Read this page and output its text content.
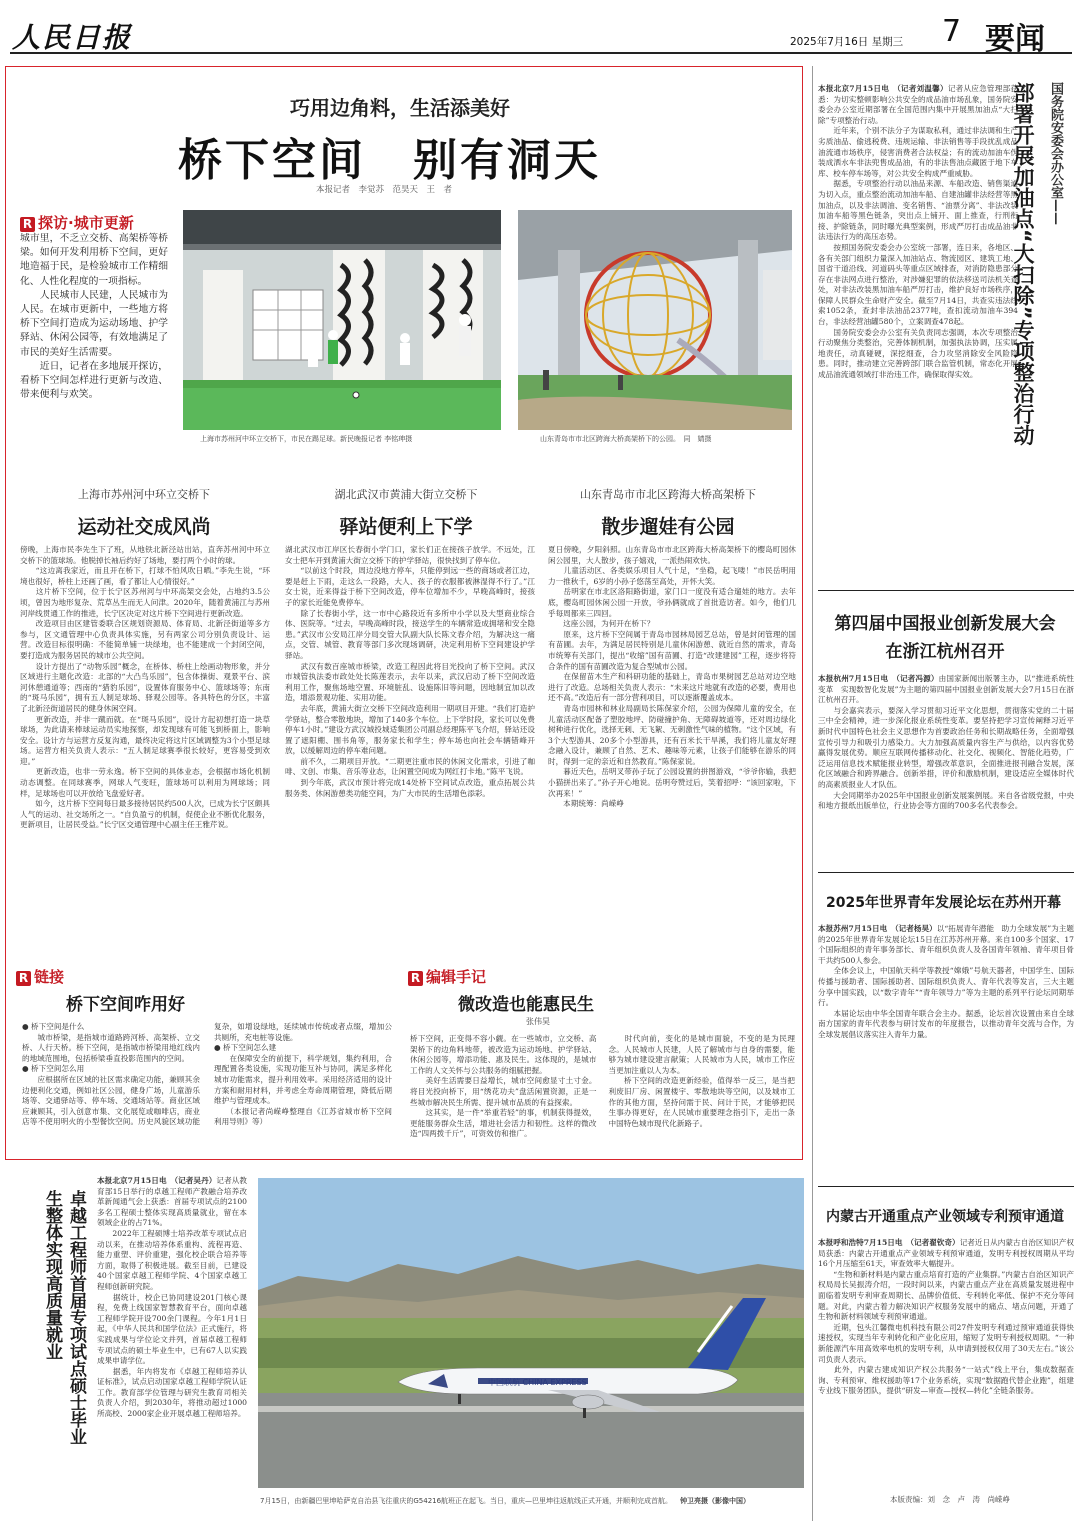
人民日报	2025年7月16日 星期三 7 要闻
巧用边角料，生活添美好
桥下空间　别有洞天
本报记者　李觉苏　范昊天　王　者
R 探访·城市更新
城市里，不乏立交桥、高架桥等桥梁。如何开发利用桥下空间，更好地造福于民，是检验城市工作精细化、人性化程度的一项指标。
　　人民城市人民建，人民城市为人民。在城市更新中，一些地方将桥下空间打造成为运动场地、护学驿站、休闲公园等，有效地满足了市民的美好生活需要。
　　近日，记者在多地展开探访，看桥下空间怎样进行更新与改造、带来便利与欢笑。
上海市苏州河中环立交桥下，市民在踢足球。新民晚报记者 李铭珅摄	山东青岛市市北区跨海大桥高架桥下的公园。　同　婧摄
上海市苏州河中环立交桥下
运动社交成风尚
湖北武汉市黄浦大街立交桥下
驿站便利上下学
山东青岛市市北区跨海大桥高架桥下
散步遛娃有公园
傍晚，上海市民李先生下了班，从地铁北新泾站出站，直奔苏州河中环立交桥下的篮球场。他脱掉长袖后约好了场地，要打两个小时的球。
　　“这边离我家近，而且开在桥下，打球不怕风吹日晒。”李先生说，“环境也很好，桥柱上还画了画，看了都让人心情很好。”
　　这片桥下空间，位于长宁区苏州河与中环高架交会处，占地约3.5公顷，曾因为地形复杂、荒草丛生而无人问津。2020年，随着黄浦江与苏州河岸线贯通工作的推进，长宁区决定对这片桥下空间进行更新改造。
　　改造项目由区建管委联合区规划资源局、体育局、北新泾街道等多方参与，区文通管理中心负责具体实施，另有两家公司分别负责设计、运营。改造目标很明确：不能简单铺一块绿地，也不能建成一个封闭空间，要打造成为服务居民的城市公共空间。
　　设计方提出了“动物乐园”概念，在桥体、桥柱上绘画动物形象，并分区域进行主题化改造：北部的“大凸鸟乐园”，包含体操街、观景平台、滨河休憩通道等；西南的“猎豹乐园”，设置体育服务中心、篮球场等；东南的“斑马乐园”，拥有五人制足球场、驿观公园等。各具特色的分区，丰富了北新泾街道居民的健身休闲空间。
　　更新改造，并非一蹴而就。在“斑马乐园”，设计方起初想打造一块草球场，为此请来棒球运动员实地探察，却发现球有可能飞到桥面上，影响安全。设计方与运营方反复沟通，最终决定将这片区域调整为3个小型足球场。运营方相关负责人表示：“五人制足球赛季很长较好，更容易受到欢迎。”
　　更新改造，也非一劳永逸。桥下空间的具体业态，会根据市场化机制动态调整。在同球赛季，网球人气变旺，篮球场可以利用为网球场；同样，足球场也可以开放给飞盘爱好者。
　　如今，这片桥下空间每日最多接待居民约500人次，已成为长宁区颇具人气的运动、社交场所之一。“自负盈亏的机制，促使企业不断优化服务，更新项目，让居民受益。”长宁区交通管理中心副主任王雅芹说。
湖北武汉市江岸区长春街小学门口，家长们正在接孩子放学。不远处，江女士把车开到黄浦大街立交桥下的护学驿站，很快找到了停车位。
　　“以前这个时段，周边没地方停车，只能停到远一些的商场或者江边，要是赶上下雨，走这么一段路，大人、孩子的衣服都被淋湿得不行了。”江女士说，近来得益于桥下空间改造，停车位增加不少，早晚高峰时，接孩子的家长近能免费停车。
　　除了长春街小学，这一市中心路段近有多所中小学以及大型商业综合体、医院等。“过去，早晚高峰时段，接送学生的车辆常造成拥堵和安全隐患。”武汉市公安局江岸分局交管大队副大队长陈文春介绍，为解决这一痛点，交管、城管、教育等部门多次现场调研，决定利用桥下空间建设护学驿站。
　　武汉有数百座城市桥梁，改造工程因此将目光投向了桥下空间。武汉市城管执法委市政处处长陈莲表示，去年以来，武汉启动了桥下空间改造利用工作，聚焦场地空置、环境脏乱、设施陈旧等问题，因地制宜加以改造，增添景观功能、实用功能。
　　去年底，黄浦大街立交桥下空间改造利用一期项目开建。“我们打造护学驿站，整合零散地块，增加了140多个车位。上下学时段，家长可以免费停车1小时。”建设方武汉城投城适集团公司副总经理陈平飞介绍，驿站还设置了遮阳棚、围书角等，服务家长和学生；停车场也向社会车辆错峰开放，以缓解周边的停车难问题。
　　前不久，二期项目开放。“二期更注重市民的休闲文化需求，引进了咖啡、文创、市集、音乐等业态，让闲置空间成为网红打卡地。”陈平飞说。
　　到今年底，武汉市预计将完成14处桥下空间试点改造，重点拓展公共服务类、休闲游憩类功能空间，为广大市民的生活增色添彩。
夏日傍晚，夕阳斜照。山东青岛市市北区跨海大桥高架桥下的樱岛町园休闲公园里，大人散步，孩子嬉戏，一派热闹欢快。
　　儿童活动区、各类娱乐项目人气十足，“坐稳，起飞喽！”市民岳明用力一推秋千，6岁的小孙子悠荡至高处，开怀大笑。
　　岳明家在市北区洛阳路街道，家门口一度没有适合遛娃的地方。去年底，樱岛町园休闲公园一开放，爷孙俩就成了首批造访者。如今，他们几乎每周都来三四回。
　　这座公园，为何开在桥下？
　　原来，这片桥下空间属于青岛市园林局园艺总站，曾是封闭管理的国有苗圃。去年，为满足居民特别是儿童休闲游憩、就近自然的需求，青岛市统筹有关部门，提出“收缩”国有苗圃、打造“改建建园”工程，逐步将符合条件的国有苗圃改造为复合型城市公园。
　　在保留苗木生产和科研功能的基础上，青岛市果树园艺总站对边空地进行了改造。总场相关负责人表示：“未来这片地就有改造的必要，费用也还不高。”改造后有一部分营利项目，可以逐渐覆盖成本。
　　青岛市园林和林业局副局长陈保家介绍，公园为保障儿童的安全，在儿童活动区配备了塑胶地坪、防碰撞护角、无障碍坡道等，还对周边绿化树种进行优化，选择无刺、无飞絮、无刺激性气味的植物。“这个区域，有3个大型游具、20多个小型游具，还有百米长干旱溪，我们将儿童友好理念融入设计，兼顾了自然、艺术、趣味等元素，让孩子们能够在游乐的同时，得到一定的亲近和自然教育。”陈保家说。
　　暮近天色，岳明叉带孙子玩了公园设置的拼图游戏，“爷爷你输，我把小猫拼出来了。”孙子开心地说。岳明夸赞过后，笑着招呼：“该回家啦，下次再来！”
　　本期统筹：尚嵘峥
R 链接
桥下空间咋用好
● 桥下空间是什么
　　城市桥梁，是指城市道路跨河桥、高架桥、立交桥、人行天桥。桥下空间，是指城市桥梁用地红线内的地域范围地，包括桥梁垂直投影范围内的空间。
● 桥下空间怎么用
　　应根据所在区域的社区需求确定功能，兼顾其余边便利化交通，例如社区公园，健身广场，儿童游乐场等、交通驿站等、停车场、交通场站等。商业区域应兼顾其，引入创意市集、文化展览或咖啡店，商业店等不使用明火的小型餐饮空间。历史风貌区域功能复杂，如增设绿地，延续城市传统或者点缀，增加公共厕所，充电桩等设施。
● 桥下空间怎么建
　　在保障安全的前提下，科学规划，集约利用，合理配置各类设施，实现功能互补与协同，满足多样化城市功能需求，提升利用效率。采用经济适用的设计方案和耐用材料，并考虑全寿命周期管理，降低后期维护与管理成本。
　　（本报记者尚嵘峥整理自《江苏省城市桥下空间利用导则》等）
R 编辑手记
微改造也能惠民生
张伟昊
桥下空间，正变得不容小觑。在一些城市，立交桥、高架桥下的边角料地带，被改造为运动场地、护学驿站、休闲公园等，增添功能、惠及民生。这体现的，是城市工作的人文关怀与公共服务的细腻把握。
　　美好生活需要日益增长，城市空间愈显寸土寸金。将目光投向桥下，用“绣花功夫”盘活闲置资源，正是一些城市解决民生所需、提升城市品质的有益探索。
　　这其实，是一件“举重若轻”的事，机制获得提效，更能服务群众生活，增进社会活力和韧性。这样的微改造“四两拨千斤”，可资效仿和推广。
　　时代向前，变化的是城市面貌，不变的是为民理念。人民城市人民建，人民了解城市与自身的需要，能够为城市建设建言献策；人民城市为人民，城市工作应当更加注重以人为本。
　　桥下空间的改造更新经验，值得举一反三，是当把利废旧厂房、闲置楼宇、零散地块等空间，以及城市工作的其他方面，坚持问需于民、问计于民，才能够把民生事办得更好，在人民城市重要理念指引下，走出一条中国特色城市现代化新路子。
本报北京7月15日电　（记者刘温馨）记者从应急管理部获悉：为切实整顿影响公共安全的成品油市场乱象，国务院安委会办公室近期部署在全国范围内集中开展黑加油点“大扫除”专项整治行动。
　　近年来，个别不法分子为谋取私利，通过非法调和生产劣质油品、偷逃税费、违规运输、非法销售等手段扰乱成品油流通市场秩序，侵害消费者合法权益；有的流动加油车伪装成洒水车非法兜售成品油，有的非法售油点藏匿于地下车库、校车停车场等，对公共安全构成严重威胁。
　　据悉，专项整治行动以油品来源、车船改造、销售渠道为切入点，重点整治流动加油车船、自建油罐非法经营等黑加油点，以及非法调油、变名销售、“油票分离”、非法改装加油车船等黑色链条，突出点上铺开、面上推查，行刑衔接、护除链条，同时曝光典型案例，形成严厉打击成品油非法违法行为的高压态势。
　　按照国务院安委会办公室统一部署，连日来，各地区、各有关部门组织力量深入加油站点、物流园区、建筑工地、国省干道沿线、河道码头等重点区域排查，对消防隐患部分存在非法网点进行整治，对涉嫌犯罪的依法移送司法机关查处，对非法改装黑加油车船严厉打击，维护良好市场秩序，保障人民群众生命财产安全。截至7月14日，共查实违法线索1052条，查封非法油品2377吨，查扣流动加油车394台，非法经营油罐580个，立案调查478起。
　　国务院安委会办公室有关负责同志强调，本次专项整治行动聚焦分类整治，完善体制机制，加强执法协调，压实属地责任，动真碰硬，深挖细查，合力攻坚消除安全风险隐患。同时，推动建立完善跨部门联合监管机制，常态化开展成品油流通领域打非治违工作，确保取得实效。
国务院安委会办公室——
部署开展加油点“大扫除”专项整治行动
第四届中国报业创新发展大会在浙江杭州召开
本报杭州7月15日电　（记者冯源）由国家新闻出版署主办，以“推进系统性变革　实现数智化发展”为主题的第四届中国报业创新发展大会7月15日在浙江杭州召开。
　　与会嘉宾表示，要深入学习贯彻习近平文化思想，贯彻落实党的二十届三中全会精神，进一步深化报业系统性变革。要坚持把学习宣传阐释习近平新时代中国特色社会主义思想作为首要政治任务和长期战略任务，全面增强宣传引导力和吸引力感染力。大力加强高质量内容生产与供给，以内容优势赢得发展优势。顺应互联网传播移动化、社交化、视频化、智能化趋势，广泛运用信息技术赋能报业转型，增强改革意识，全面推进报刊融合发展，深化区域融合和跨界融合。创新举措，评价和激励机制，建设适应全媒体时代的高素质报业人才队伍。
　　大会同期举办2025年中国报业创新发展案例展。来自各省级党报，中央和地方报纸出版单位，行业协会等方面的700多名代表参会。
2025年世界青年发展论坛在苏州开幕
本报苏州7月15日电　（记者杨昊）以“拓展青年潜能　助力全球发展”为主题的2025年世界青年发展论坛15日在江苏苏州开幕。来自100多个国家、17个国际组织的青年事务部长、青年组织负责人及各国青年领袖、青年项目骨干共约500人参会。
　　全体会议上，中国航天科学等教授“嫦娥”号航天器者，中国学生、国际传播与援助者、国际援助者、国际组织负责人、青年代表等发言，三大主题分享中国实践，以“数字青年”“青年领导力”等为主题的系列平行论坛同期举行。
　　本届论坛由中华全国青年联合会主办。据悉，论坛首次设置由来自全球南方国家的青年代表参与研讨发布的年度报告，以推动青年交流与合作，为全球发展倡议落实注入青年力量。
内蒙古开通重点产业领域专利预审通道
本报呼和浩特7月15日电　（记者翟钦奇）记者近日从内蒙古自治区知识产权局获悉：内蒙古开通重点产业领域专利预审通道，发明专利授权周期从平均16个月压缩至61天，审查效率大幅提升。
　　“生物和新材料是内蒙古重点培育打造的产业集群。”内蒙古自治区知识产权局局长吴振涛介绍，一段时间以来，内蒙古重点产业在高质量发展进程中面临着发明专利审查周期长、品牌价值低、专利转化率低、保护不充分等问题。对此，内蒙古着力解决知识产权服务发展中的痛点、堵点问题，开通了生物和新材料领域专利预审通道。
　　近期，包头江馨微电机科技有限公司27件发明专利通过预审通道获得快速授权，实现当年专利转化和产业化应用，缩短了发明专利授权周期。“一种新能源汽车用高效率电机的发明专利，从申请到授权仅用了30天左右。”该公司负责人表示。
　　此外，内蒙古建成知识产权公共服务“一站式”线上平台，集成数据查询、专利预审、维权援助等17个业务系统，实现“数据跑代替企业跑”，组建专业线下服务团队，提供“研发—审查—授权—转化”全链条服务。
本版责编：刘　念　卢　涛　尚嵘峥
卓越工程师首届专项试点硕士毕业生整体实现高质量就业
本报北京7月15日电　（记者吴丹）记者从教育部15日举行的卓越工程师产教融合培养改革新闻通气会上获悉：首届专项试点的2100多名工程硕士整体实现高质量就业，留在本领域企业的占71%。
　　2022年工程硕博士培养改革专项试点启动以来，在推动培养体系重构、流程再造、能力重塑、评价重建，强化校企联合培养等方面，取得了积极进展。截至目前，已建设40个国家卓越工程师学院、4个国家卓越工程师创新研究院。
　　据统计，校企已协同建设201门核心课程，免费上线国家智慧教育平台，面向卓越工程师学院开设700余门课程。今年1月1日起，《中华人民共和国学位法》正式施行，将实践成果与学位论文并列，首届卓越工程师专项试点的硕士毕业生中，已有67人以实践成果申请学位。
　　据悉，年内将发布《卓越工程师培养认证标准》，试点启动国家卓越工程师学院认证工作。教育部学位管理与研究生教育司相关负责人介绍，到2030年，将推动超过1000所高校、2000家企业开展卓越工程师培养。
中国联航 CHINA EXPRESS
7月15日，由新疆巴里坤哈萨克自治县飞往重庆的G54216航班正在起飞。当日，重庆—巴里坤往返航线正式开通，并顺利完成首航。 钟卫亮摄（影像中国）
